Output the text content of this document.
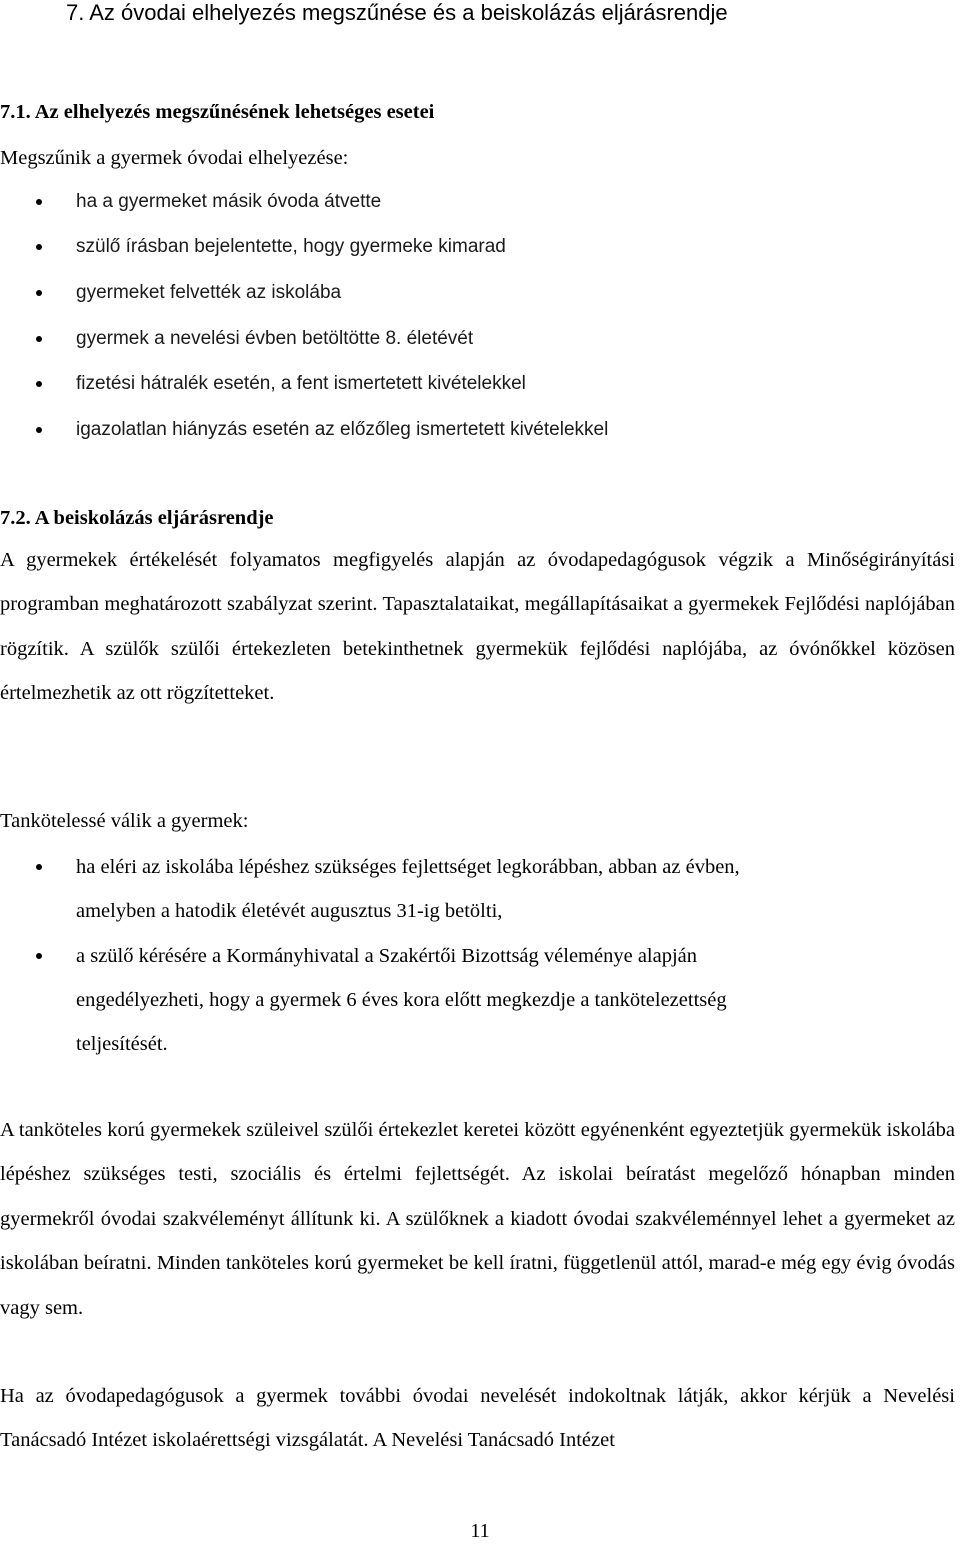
7. Az óvodai elhelyezés megszűnése és a beiskolázás eljárásrendje
7.1. Az elhelyezés megszűnésének lehetséges esetei
Megszűnik a gyermek óvodai elhelyezése:
ha a gyermeket másik óvoda átvette
szülő írásban bejelentette, hogy gyermeke kimarad
gyermeket felvették az iskolába
gyermek a nevelési évben betöltötte 8. életévét
fizetési hátralék esetén, a fent ismertetett kivételekkel
igazolatlan hiányzás esetén az előzőleg ismertetett kivételekkel
7.2. A beiskolázás eljárásrendje

A gyermekek értékelését folyamatos megfigyelés alapján az óvodapedagógusok végzik a Minőségirányítási programban meghatározott szabályzat szerint. Tapasztalataikat, megállapításaikat a gyermekek Fejlődési naplójában rögzítik. A szülők szülői értekezleten betekinthetnek gyermekük fejlődési naplójába, az óvónőkkel közösen értelmezhetik az ott rögzítetteket.

Tankötelessé válik a gyermek:
ha eléri az iskolába lépéshez szükséges fejlettséget legkorábban, abban az évben,
amelyben a hatodik életévét augusztus 31-ig betölti,
a szülő kérésére a Kormányhivatal a Szakértői Bizottság véleménye alapján
engedélyezheti, hogy a gyermek 6 éves kora előtt megkezdje a tankötelezettség
teljesítését.

A tanköteles korú gyermekek szüleivel szülői értekezlet keretei között egyénenként egyeztetjük gyermekük iskolába lépéshez szükséges testi, szociális és értelmi fejlettségét. Az iskolai beíratást megelőző hónapban minden gyermekről óvodai szakvéleményt állítunk ki. A szülőknek a kiadott óvodai szakvéleménnyel lehet a gyermeket az iskolában beíratni. Minden tanköteles korú gyermeket be kell íratni, függetlenül attól, marad-e még egy évig óvodás vagy sem.

Ha az óvodapedagógusok a gyermek további óvodai nevelését indokoltnak látják, akkor kérjük a Nevelési Tanácsadó Intézet iskolaérettségi vizsgálatát. A Nevelési Tanácsadó Intézet

11
